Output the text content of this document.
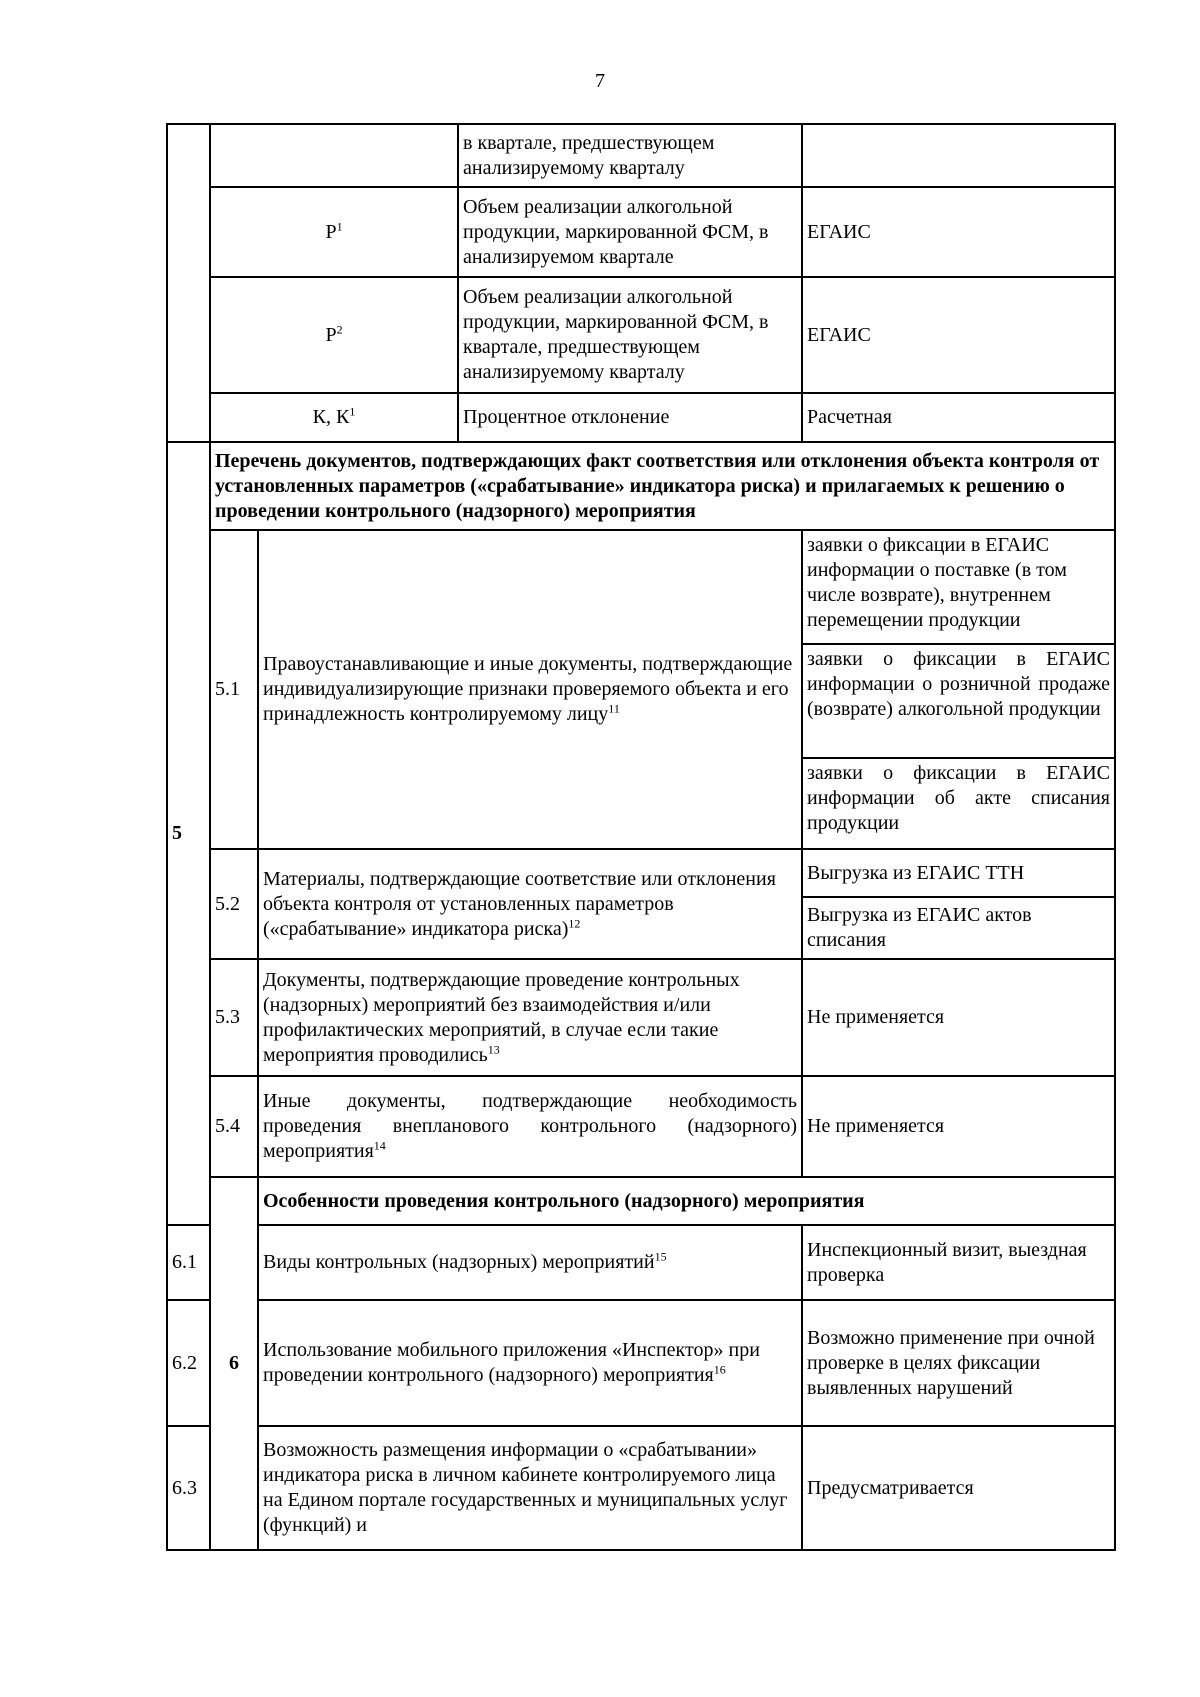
7
			в квартале, предшествующем анализируемому кварталу	
	$P^1$		Объем реализации алкогольной продукции, маркированной ФСМ, в анализируемом квартале	ЕГАИС
	$P^2$		Объем реализации алкогольной продукции, маркированной ФСМ, в квартале, предшествующем анализируемому кварталу	ЕГАИС
	К, $К^1$		Процентное отклонение	Расчетная
5	Перечень документов, подтверждающих факт соответствия или отклонения объекта контроля от установленных параметров («срабатывание» индикатора риска) и прилагаемых к решению о проведении контрольного (надзорного) мероприятия			
	5.1	Правоустанавливающие и иные документы, подтверждающие индивидуализирующие признаки проверяемого объекта и его принадлежность контролируемому лицу$^{11}$		заявки о фиксации в ЕГАИС информации о поставке (в том числе возврате), внутреннем перемещении продукции
				заявки о фиксации в ЕГАИС информации о розничной продаже (возврате) алкогольной продукции
				заявки о фиксации в ЕГАИС информации об акте списания продукции
	5.2	Материалы, подтверждающие соответствие или отклонения объекта контроля от установленных параметров («срабатывание» индикатора риска)$^{12}$		Выгрузка из ЕГАИС ТТН
				Выгрузка из ЕГАИС актов списания
	5.3	Документы, подтверждающие проведение контрольных (надзорных) мероприятий без взаимодействия и/или профилактических мероприятий, в случае если такие мероприятия проводились$^{13}$		Не применяется
	5.4	Иные документы, подтверждающие необходимость проведения внепланового контрольного (надзорного) мероприятия$^{14}$		Не применяется
	6	Особенности проведения контрольного (надзорного) мероприятия		
6.1		Виды контрольных (надзорных) мероприятий$^{15}$		Инспекционный визит, выездная проверка
6.2		Использование мобильного приложения «Инспектор» при проведении контрольного (надзорного) мероприятия$^{16}$		Возможно применение при очной проверке в целях фиксации выявленных нарушений
6.3		Возможность размещения информации о «срабатывании» индикатора риска в личном кабинете контролируемого лица на Едином портале государственных и муниципальных услуг (функций) и		Предусматривается
